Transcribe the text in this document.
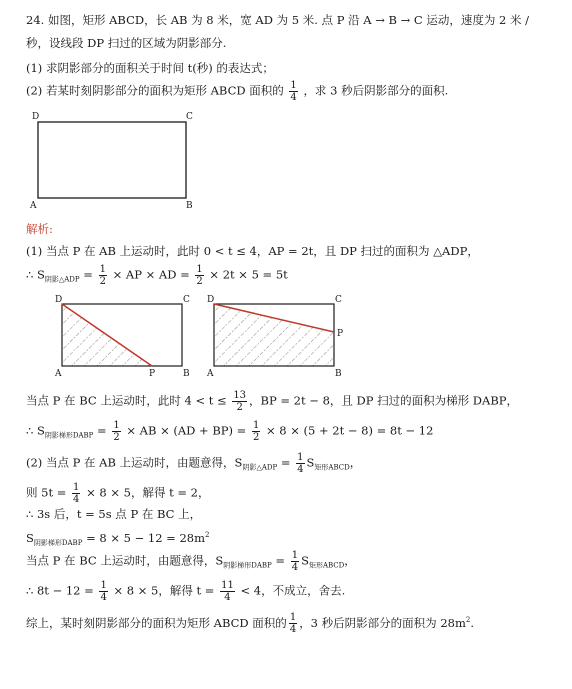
24. 如图，矩形 ABCD，长 AB 为 8 米，宽 AD 为 5 米. 点 P 沿 A → B → C 运动，速度为 2 米 /
秒，设线段 DP 扫过的区域为阴影部分.
(1) 求阴影部分的面积关于时间 t(秒) 的表达式；
(2) 若某时刻阴影部分的面积为矩形 ABCD 面积的 $\frac{1}{4}$ ，求 3 秒后阴影部分的面积.
D	C
A	B
解析:
(1) 当点 P 在 AB 上运动时，此时 0 < t ≤ 4，AP = 2t，且 DP 扫过的面积为 △ADP，
∴ $S_{阴影\triangle ADP} = \frac{1}{2}$ × AP × AD = $\frac{1}{2} \times 2t \times 5 = 5t$
D	C
A	P	B
D	C
P
A	B
当点 P 在 BC 上运动时，此时 $4 < t \le \frac{13}{2}$ ，BP = 2t − 8，且 DP 扫过的面积为梯形 DABP，
∴ $S_{阴影梯形DABP} = \frac{1}{2}$ × AB × $(AD + BP) = \frac{1}{2} \times 8 \times (5 + 2t - 8) = 8t - 12$
(2) 当点 P 在 AB 上运动时，由题意得，$S_{阴影\triangle ADP} = \frac{1}{4} S_{矩形ABCD}$，
则 $5t = \frac{1}{4} \times 8 \times 5$，解得 t = 2，
∴ 3s 后，t = 5s 点 P 在 BC 上，
$S_{阴影梯形DABP} = 8 \times 5 - 12 = 28m^2$
当点 P 在 BC 上运动时，由题意得，$S_{阴影梯形DABP} = \frac{1}{4} S_{矩形ABCD}$，
∴ $8t - 12 = \frac{1}{4} \times 8 \times 5$，解得 $t = \frac{11}{4} < 4$，不成立，舍去.
综上，某时刻阴影部分的面积为矩形 ABCD 面积的 $\frac{1}{4}$ ，3 秒后阴影部分的面积为 $28m^2$.
